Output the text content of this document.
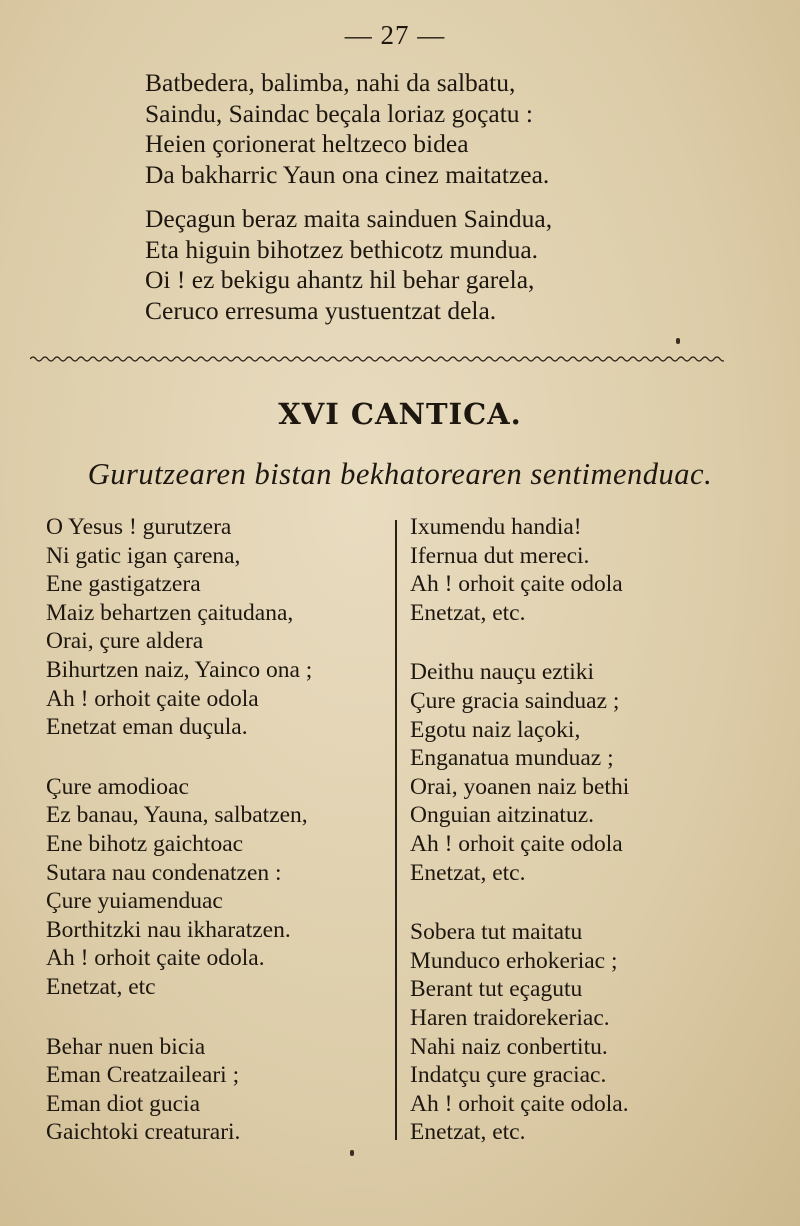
— 27 —
Batbedera, balimba, nahi da salbatu,
Saindu, Saindac beçala loriaz goçatu :
Heien çorionerat heltzeco bidea
Da bakharric Yaun ona cinez maitatzea.
Deçagun beraz maita sainduen Saindua,
Eta higuin bihotzez bethicotz mundua.
Oi ! ez bekigu ahantz hil behar garela,
Ceruco erresuma yustuentzat dela.
XVI CANTICA.
Gurutzearen bistan bekhatorearen sentimenduac.
O Yesus ! gurutzera
Ni gatic igan çarena,
Ene gastigatzera
Maiz behartzen çaitudana,
Orai, çure aldera
Bihurtzen naiz, Yainco ona ;
Ah ! orhoit çaite odola
Enetzat eman duçula.
Çure amodioac
Ez banau, Yauna, salbatzen,
Ene bihotz gaichtoac
Sutara nau condenatzen :
Çure yuiamenduac
Borthitzki nau ikharatzen.
Ah ! orhoit çaite odola.
Enetzat, etc
Behar nuen bicia
Eman Creatzaileari ;
Eman diot gucia
Gaichtoki creaturari.
Ixumendu handia!
Ifernua dut mereci.
Ah ! orhoit çaite odola
Enetzat, etc.
Deithu nauçu eztiki
Çure gracia sainduaz ;
Egotu naiz laçoki,
Enganatua munduaz ;
Orai, yoanen naiz bethi
Onguian aitzinatuz.
Ah ! orhoit çaite odola
Enetzat, etc.
Sobera tut maitatu
Munduco erhokeriac ;
Berant tut eçagutu
Haren traidorekeriac.
Nahi naiz conbertitu.
Indatçu çure graciac.
Ah ! orhoit çaite odola.
Enetzat, etc.
